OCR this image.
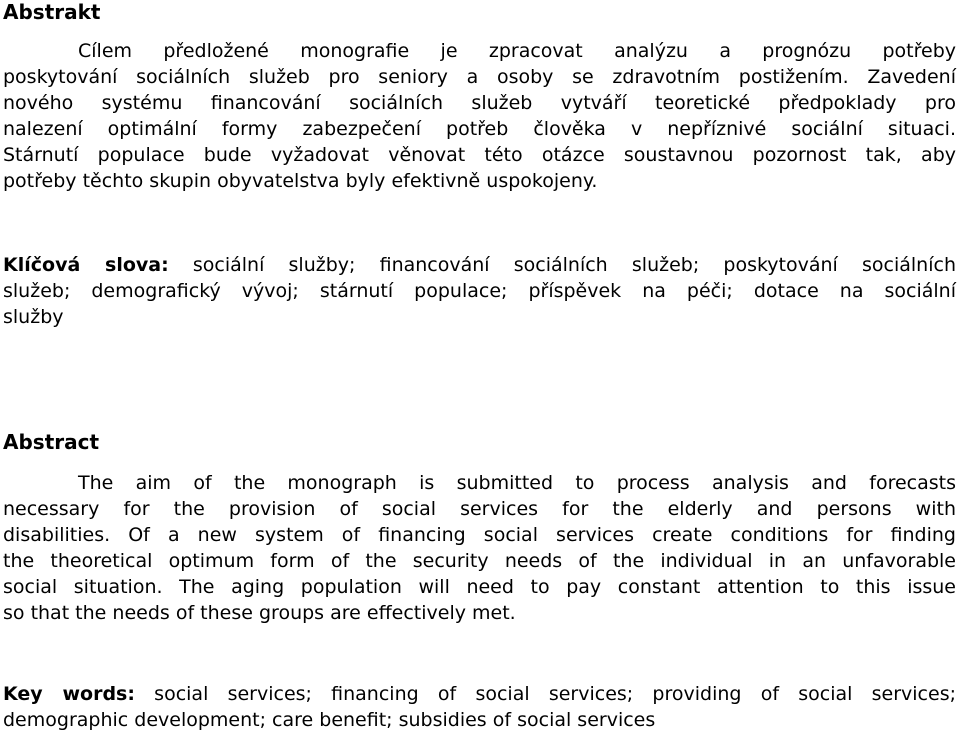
Abstrakt
Cílem předložené monografie je zpracovat analýzu a prognózu potřeby
poskytování sociálních služeb pro seniory a osoby se zdravotním postižením. Zavedení
nového systému financování sociálních služeb vytváří teoretické předpoklady pro
nalezení optimální formy zabezpečení potřeb člověka v nepříznivé sociální situaci.
Stárnutí populace bude vyžadovat věnovat této otázce soustavnou pozornost tak, aby
potřeby těchto skupin obyvatelstva byly efektivně uspokojeny.
Klíčová slova: sociální služby; financování sociálních služeb; poskytování sociálních
služeb; demografický vývoj; stárnutí populace; příspěvek na péči; dotace na sociální
služby
Abstract
The aim of the monograph is submitted to process analysis and forecasts
necessary for the provision of social services for the elderly and persons with
disabilities. Of a new system of financing social services create conditions for finding
the theoretical optimum form of the security needs of the individual in an unfavorable
social situation. The aging population will need to pay constant attention to this issue
so that the needs of these groups are effectively met.
Key words: social services; financing of social services; providing of social services;
demographic development; care benefit; subsidies of social services
